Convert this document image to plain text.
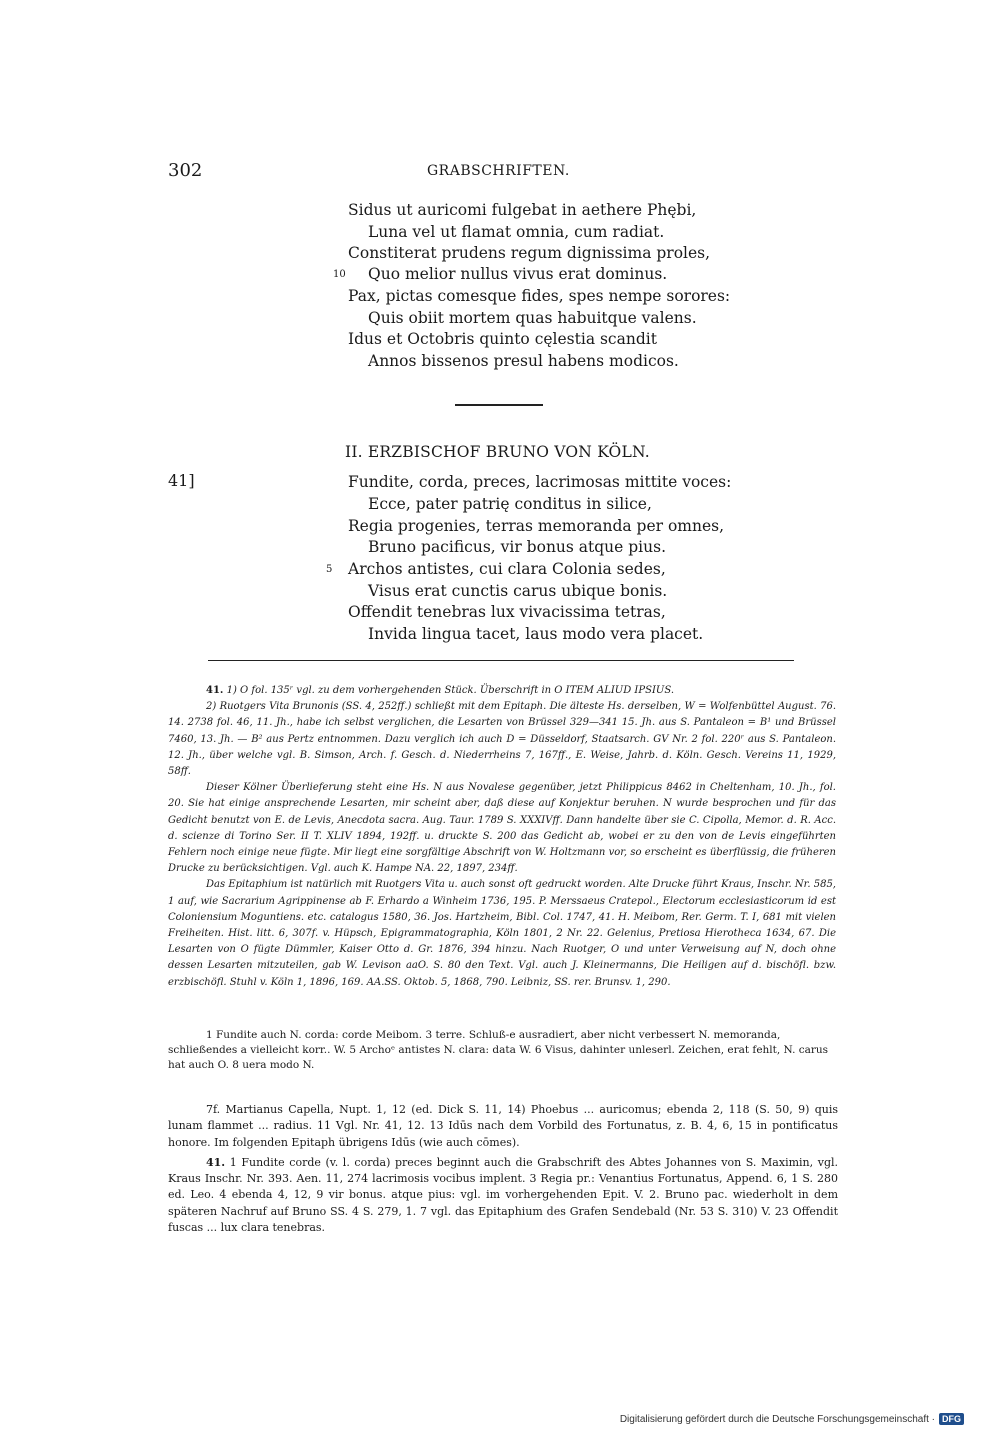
302	GRABSCHRIFTEN.
Sidus ut auricomi fulgebat in aethere Phębi,
Luna vel ut flamat omnia, cum radiat.
Constiterat prudens regum dignissima proles,
10 Quo melior nullus vivus erat dominus.
Pax, pictas comesque fides, spes nempe sorores:
Quis obiit mortem quas habuitque valens.
Idus et Octobris quinto cęlestia scandit
Annos bissenos presul habens modicos.
II. ERZBISCHOF BRUNO VON KÖLN.
41]	Fundite, corda, preces, lacrimosas mittite voces:
Ecce, pater patrię conditus in silice,
Regia progenies, terras memoranda per omnes,
Bruno pacificus, vir bonus atque pius.
5 Archos antistes, cui clara Colonia sedes,
Visus erat cunctis carus ubique bonis.
Offendit tenebras lux vivacissima tetras,
Invida lingua tacet, laus modo vera placet.
41. 1) O fol. 135ʳ vgl. zu dem vorhergehenden Stück. Überschrift in O ITEM ALIUD IPSIUS.
2) Ruotgers Vita Brunonis (SS. 4, 252ff.) schließt mit dem Epitaph. Die älteste Hs. derselben, W = Wolfenbüttel August. 76. 14. 2738 fol. 46, 11. Jh., habe ich selbst verglichen, die Lesarten von Brüssel 329—341 15. Jh. aus S. Pantaleon = B¹ und Brüssel 7460, 13. Jh. — B² aus Pertz entnommen. Dazu verglich ich auch D = Düsseldorf, Staatsarch. GV Nr. 2 fol. 220ʳ aus S. Pantaleon. 12. Jh., über welche vgl. B. Simson, Arch. f. Gesch. d. Niederrheins 7, 167ff., E. Weise, Jahrb. d. Köln. Gesch. Vereins 11, 1929, 58ff.
Dieser Kölner Überlieferung steht eine Hs. N aus Novalese gegenüber, jetzt Philippicus 8462 in Cheltenham, 10. Jh., fol. 20. Sie hat einige ansprechende Lesarten, mir scheint aber, daß diese auf Konjektur beruhen. N wurde besprochen und für das Gedicht benutzt von E. de Levis, Anecdota sacra. Aug. Taur. 1789 S. XXXIVff. Dann handelte über sie C. Cipolla, Memor. d. R. Acc. d. scienze di Torino Ser. II T. XLIV 1894, 192ff. u. druckte S. 200 das Gedicht ab, wobei er zu den von de Levis eingeführten Fehlern noch einige neue fügte. Mir liegt eine sorgfältige Abschrift von W. Holtzmann vor, so erscheint es überflüssig, die früheren Drucke zu berücksichtigen. Vgl. auch K. Hampe NA. 22, 1897, 234ff.
Das Epitaphium ist natürlich mit Ruotgers Vita u. auch sonst oft gedruckt worden. Alte Drucke führt Kraus, Inschr. Nr. 585, 1 auf, wie Sacrarium Agrippinense ab F. Erhardo a Winheim 1736, 195. P. Merssaeus Cratepol., Electorum ecclesiasticorum id est Coloniensium Moguntiens. etc. catalogus 1580, 36. Jos. Hartzheim, Bibl. Col. 1747, 41. H. Meibom, Rer. Germ. T. I, 681 mit vielen Freiheiten. Hist. litt. 6, 307f. v. Hüpsch, Epigrammatographia, Köln 1801, 2 Nr. 22. Gelenius, Pretiosa Hierotheca 1634, 67. Die Lesarten von O fügte Dümmler, Kaiser Otto d. Gr. 1876, 394 hinzu. Nach Ruotger, O und unter Verweisung auf N, doch ohne dessen Lesarten mitzuteilen, gab W. Levison aaO. S. 80 den Text. Vgl. auch J. Kleinermanns, Die Heiligen auf d. bischöfl. bzw. erzbischöfl. Stuhl v. Köln 1, 1896, 169. AA.SS. Oktob. 5, 1868, 790. Leibniz, SS. rer. Brunsv. 1, 290.
1 Fundite auch N. corda: corde Meibom. 3 terre. Schluß-e ausradiert, aber nicht verbessert N. memoranda, schließendes a vielleicht korr.. W. 5 Archoᵉ antistes N. clara: data W. 6 Visus, dahinter unleserl. Zeichen, erat fehlt, N. carus hat auch O. 8 uera modo N.
7f. Martianus Capella, Nupt. 1, 12 (ed. Dick S. 11, 14) Phoebus ... auricomus; ebenda 2, 118 (S. 50, 9) quis lunam flammet ... radius. 11 Vgl. Nr. 41, 12. 13 Idūs nach dem Vorbild des Fortunatus, z. B. 4, 6, 15 in pontificatus honore. Im folgenden Epitaph übrigens Idūs (wie auch cōmes).
41. 1 Fundite corde (v. l. corda) preces beginnt auch die Grabschrift des Abtes Johannes von S. Maximin, vgl. Kraus Inschr. Nr. 393. Aen. 11, 274 lacrimosis vocibus implent. 3 Regia pr.: Venantius Fortunatus, Append. 6, 1 S. 280 ed. Leo. 4 ebenda 4, 12, 9 vir bonus. atque pius: vgl. im vorhergehenden Epit. V. 2. Bruno pac. wiederholt in dem späteren Nachruf auf Bruno SS. 4 S. 279, 1. 7 vgl. das Epitaphium des Grafen Sendebald (Nr. 53 S. 310) V. 23 Offendit fuscas ... lux clara tenebras.
Digitalisierung gefördert durch die Deutsche Forschungsgemeinschaft · DFG
